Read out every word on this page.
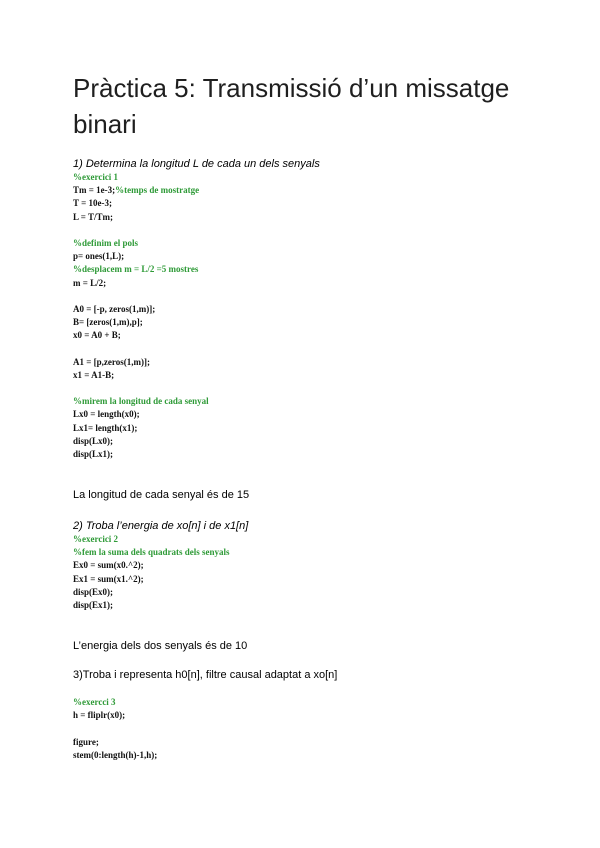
Pràctica 5: Transmissió d’un missatge binari
1) Determina la longitud L de cada un dels senyals
%exercici 1
Tm = 1e-3;%temps de mostratge
T = 10e-3;
L = T/Tm;
%definim el pols
p= ones(1,L);
%desplacem m = L/2 =5 mostres
m = L/2;
A0 = [-p, zeros(1,m)];
B= [zeros(1,m),p];
x0 = A0 + B;
A1 = [p,zeros(1,m)];
x1 = A1-B;
%mirem la longitud de cada senyal
Lx0 = length(x0);
Lx1= length(x1);
disp(Lx0);
disp(Lx1);
La longitud de cada senyal és de 15
2) Troba l’energia de xo[n] i de x1[n]
%exercici 2
%fem la suma dels quadrats dels senyals
Ex0 = sum(x0.^2);
Ex1 = sum(x1.^2);
disp(Ex0);
disp(Ex1);
L’energia dels dos senyals és de 10
3)Troba i representa h0[n], filtre causal adaptat a xo[n]
%exercci 3
h = fliplr(x0);
figure;
stem(0:length(h)-1,h);
